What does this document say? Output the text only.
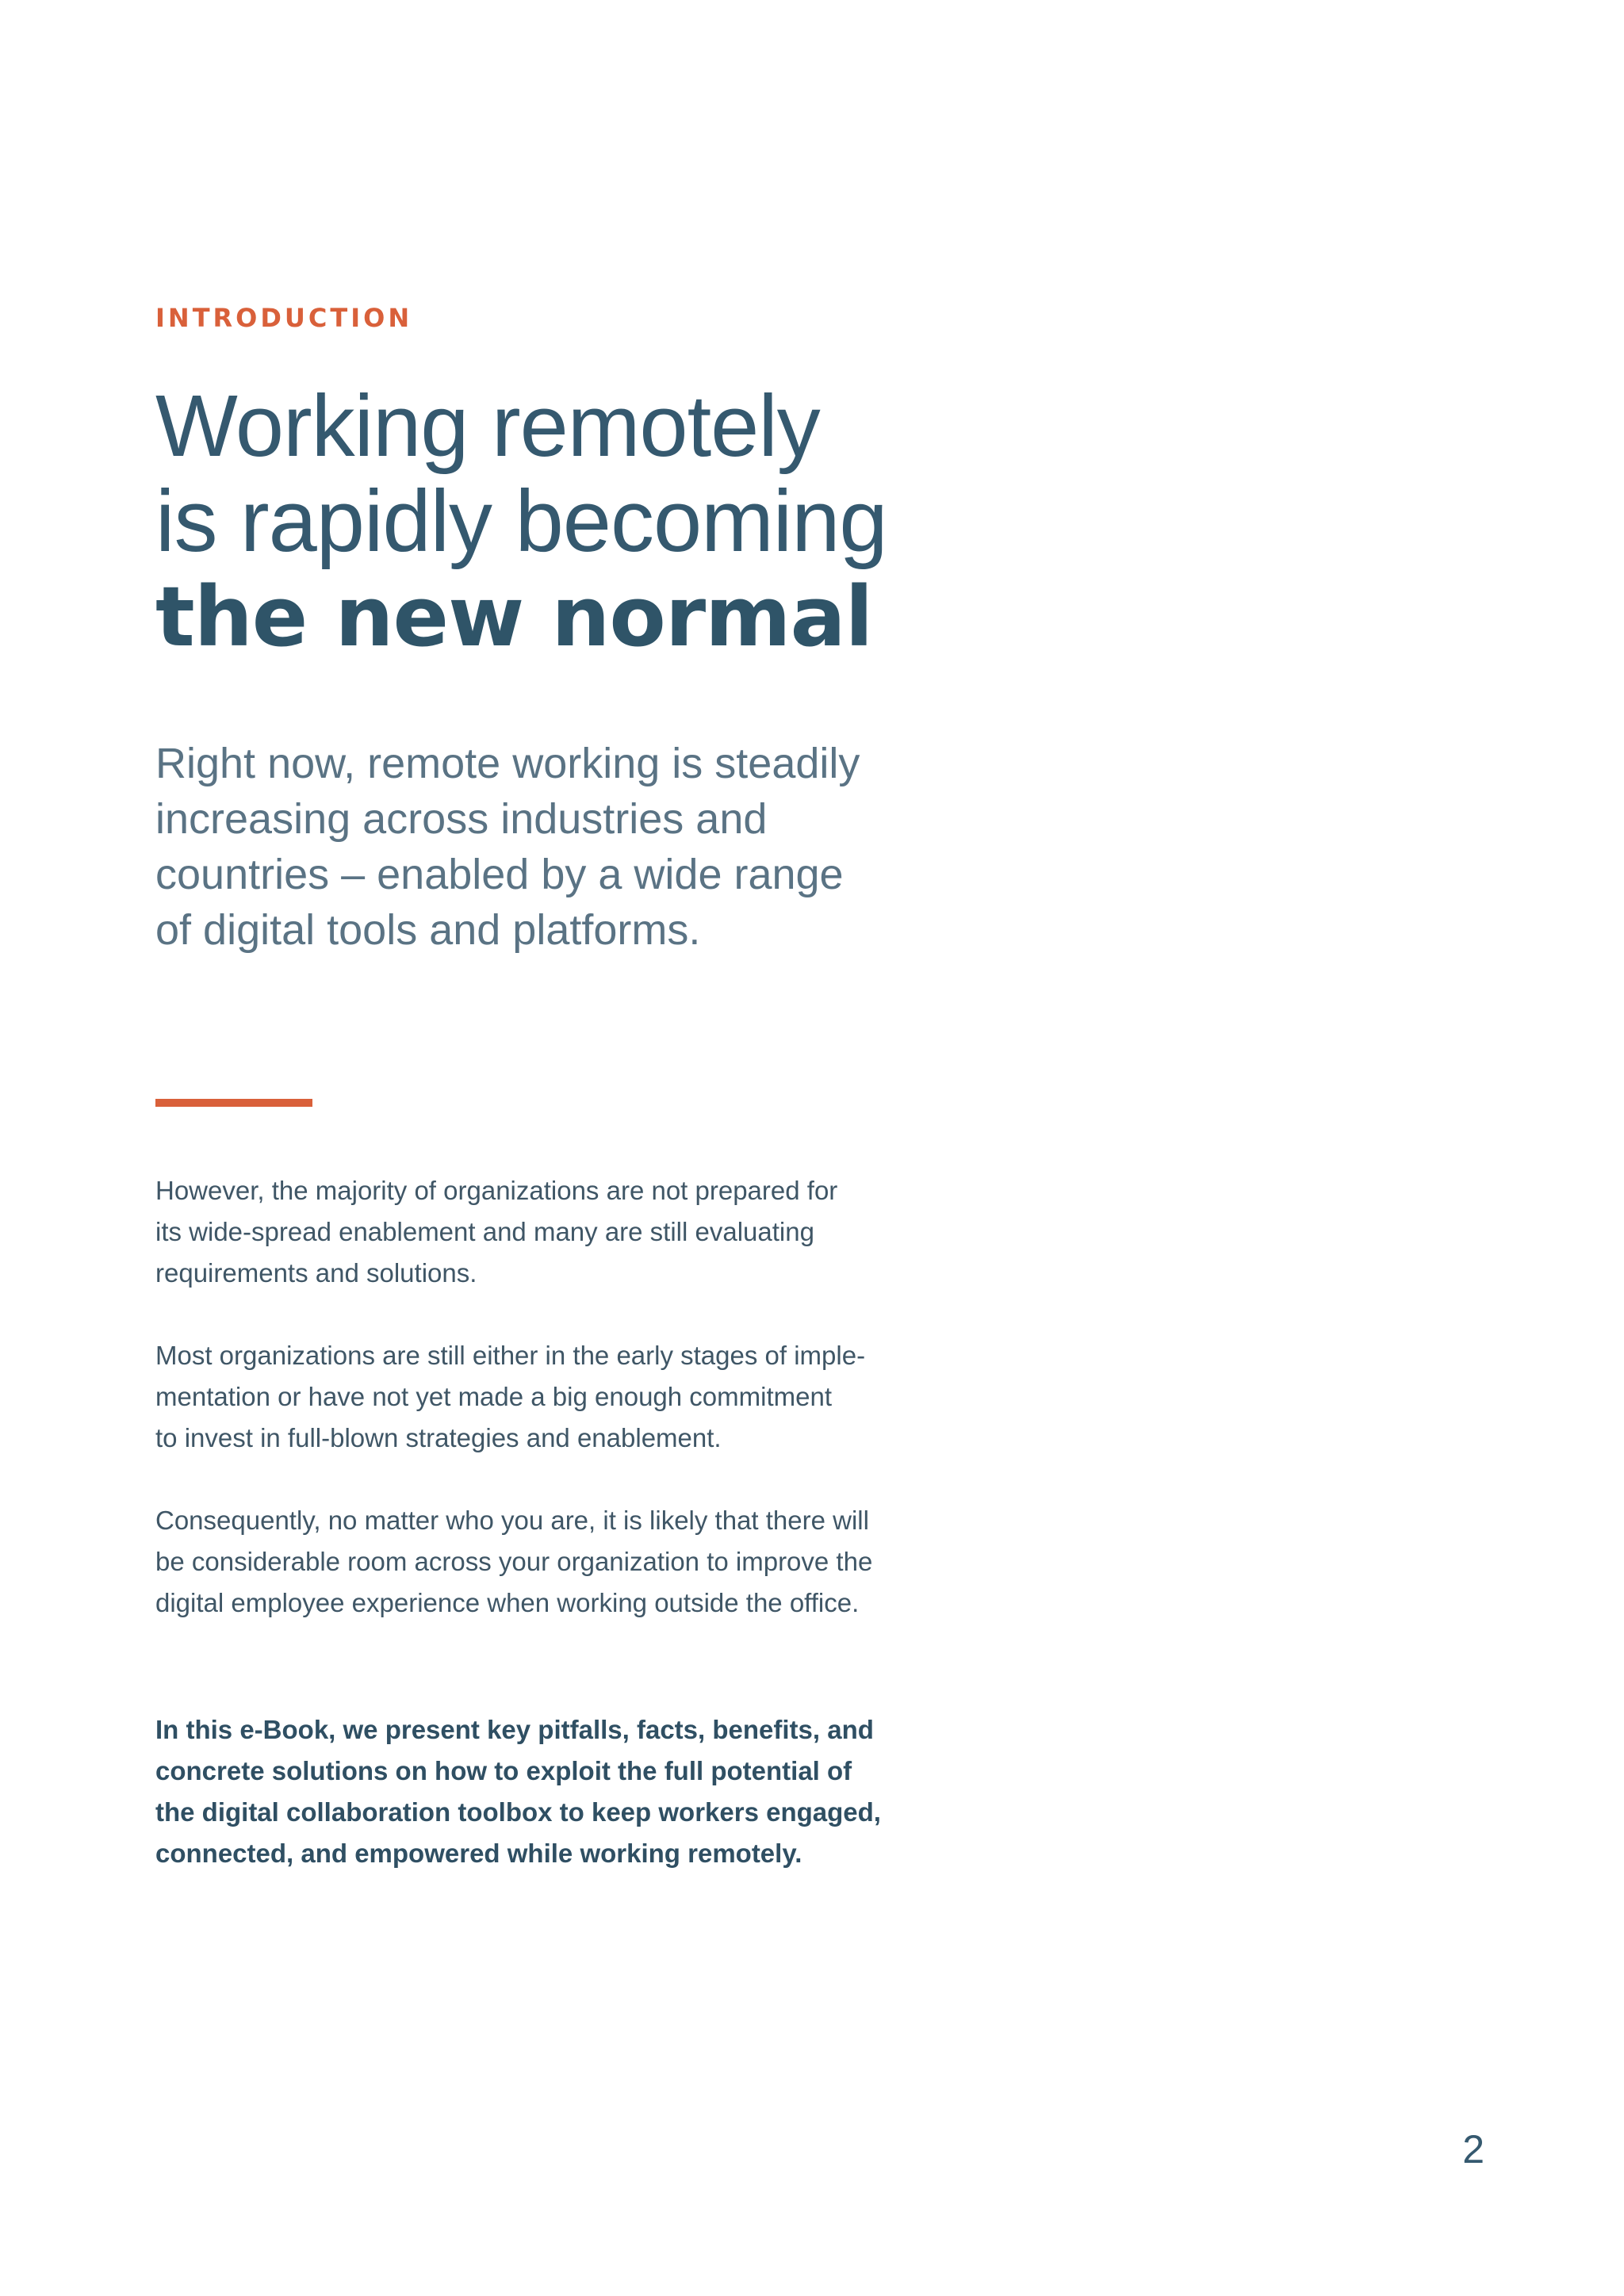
INTRODUCTION

Working remotely
is rapidly becoming
the new normal

Right now, remote working is steadily
increasing across industries and
countries – enabled by a wide range
of digital tools and platforms.

However, the majority of organizations are not prepared for
its wide-spread enablement and many are still evaluating
requirements and solutions.

Most organizations are still either in the early stages of imple-
mentation or have not yet made a big enough commitment
to invest in full-blown strategies and enablement.

Consequently, no matter who you are, it is likely that there will
be considerable room across your organization to improve the
digital employee experience when working outside the office.

In this e-Book, we present key pitfalls, facts, benefits, and
concrete solutions on how to exploit the full potential of
the digital collaboration toolbox to keep workers engaged,
connected, and empowered while working remotely.

2
